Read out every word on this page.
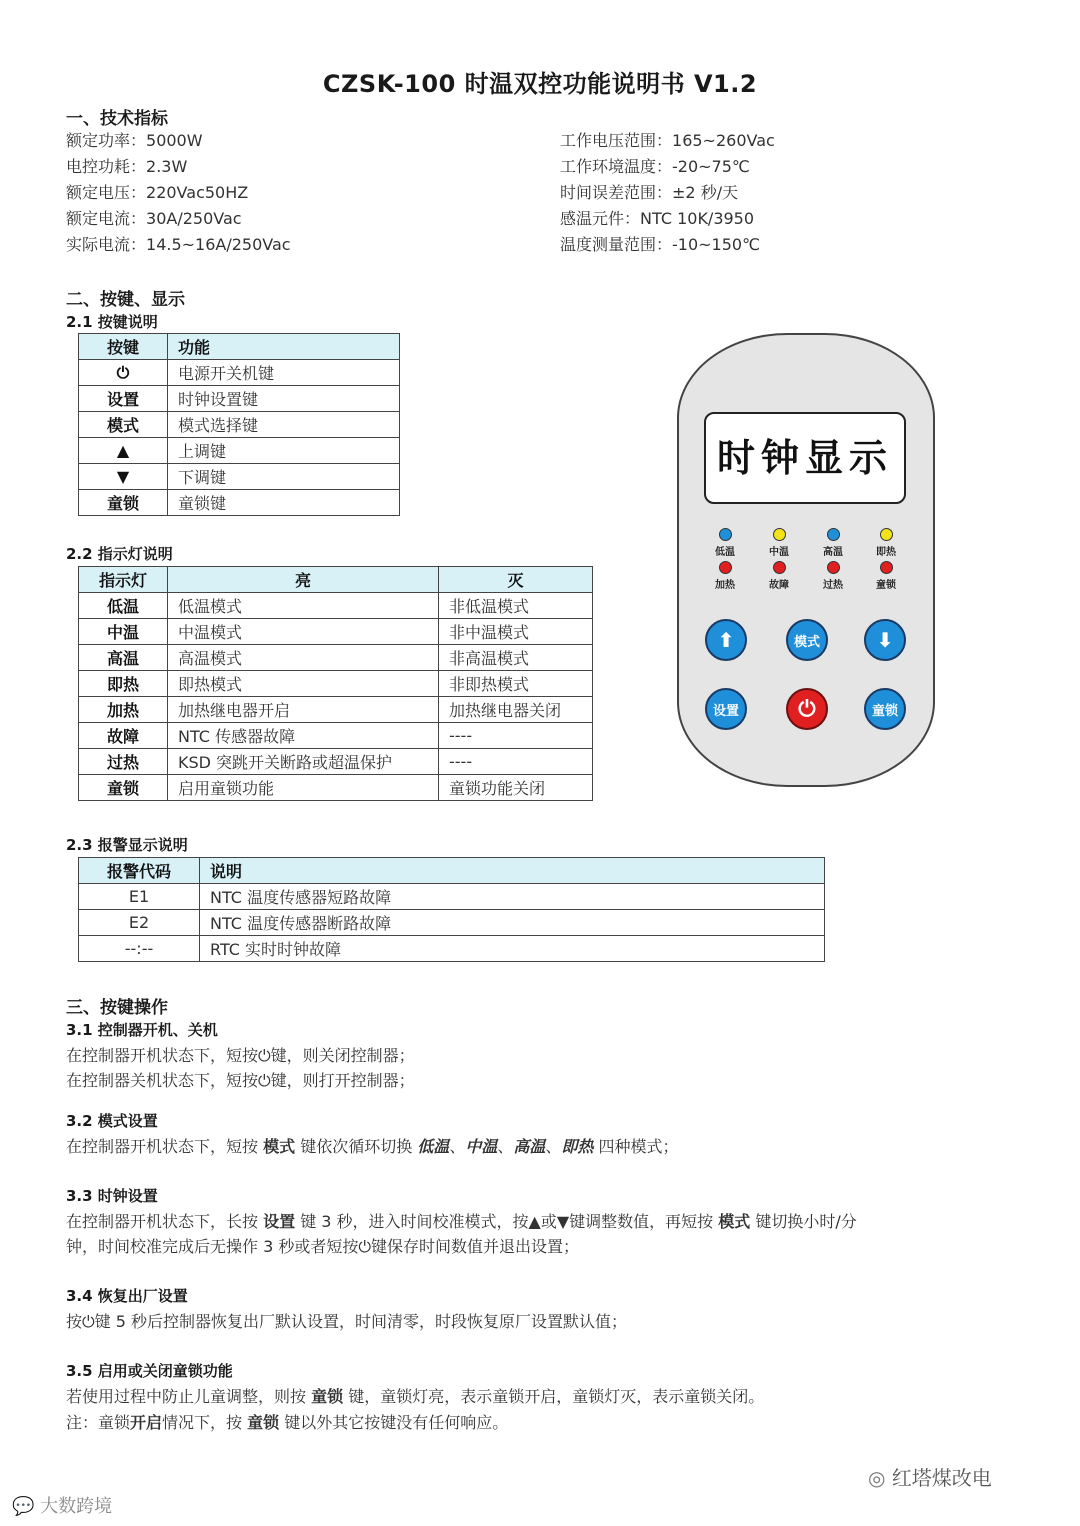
CZSK-100 时温双控功能说明书 V1.2
一、技术指标
额定功率：5000W
电控功耗：2.3W
额定电压：220Vac50HZ
额定电流：30A/250Vac
实际电流：14.5~16A/250Vac
工作电压范围：165~260Vac
工作环境温度：-20~75℃
时间误差范围：±2 秒/天
感温元件：NTC 10K/3950
温度测量范围：-10~150℃
二、按键、显示
2.1 按键说明
按键	功能
⏻	电源开关机键
设置	时钟设置键
模式	模式选择键
▲	上调键
▼	下调键
童锁	童锁键
2.2 指示灯说明
指示灯	亮	灭
低温	低温模式	非低温模式
中温	中温模式	非中温模式
高温	高温模式	非高温模式
即热	即热模式	非即热模式
加热	加热继电器开启	加热继电器关闭
故障	NTC 传感器故障	----
过热	KSD 突跳开关断路或超温保护	----
童锁	启用童锁功能	童锁功能关闭
2.3 报警显示说明
报警代码	说明
E1	NTC 温度传感器短路故障
E2	NTC 温度传感器断路故障
--:--	RTC 实时时钟故障
时钟显示
低温	中温	高温	即热
加热	故障	过热	童锁
⬆	模式	⬇
设置	⏻	童锁
三、按键操作
3.1 控制器开机、关机
在控制器开机状态下，短按⏻键，则关闭控制器；
在控制器关机状态下，短按⏻键，则打开控制器；
3.2 模式设置
在控制器开机状态下，短按 模式 键依次循环切换 低温、中温、高温、即热 四种模式；
3.3 时钟设置
在控制器开机状态下，长按 设置 键 3 秒，进入时间校准模式，按▲或▼键调整数值，再短按 模式 键切换小时/分
钟，时间校准完成后无操作 3 秒或者短按⏻键保存时间数值并退出设置；
3.4 恢复出厂设置
按⏻键 5 秒后控制器恢复出厂默认设置，时间清零，时段恢复原厂设置默认值；
3.5 启用或关闭童锁功能
若使用过程中防止儿童调整，则按 童锁 键，童锁灯亮，表示童锁开启，童锁灯灭，表示童锁关闭。
注：童锁开启情况下，按 童锁 键以外其它按键没有任何响应。
💬 大数跨境
◎ 红塔煤改电
